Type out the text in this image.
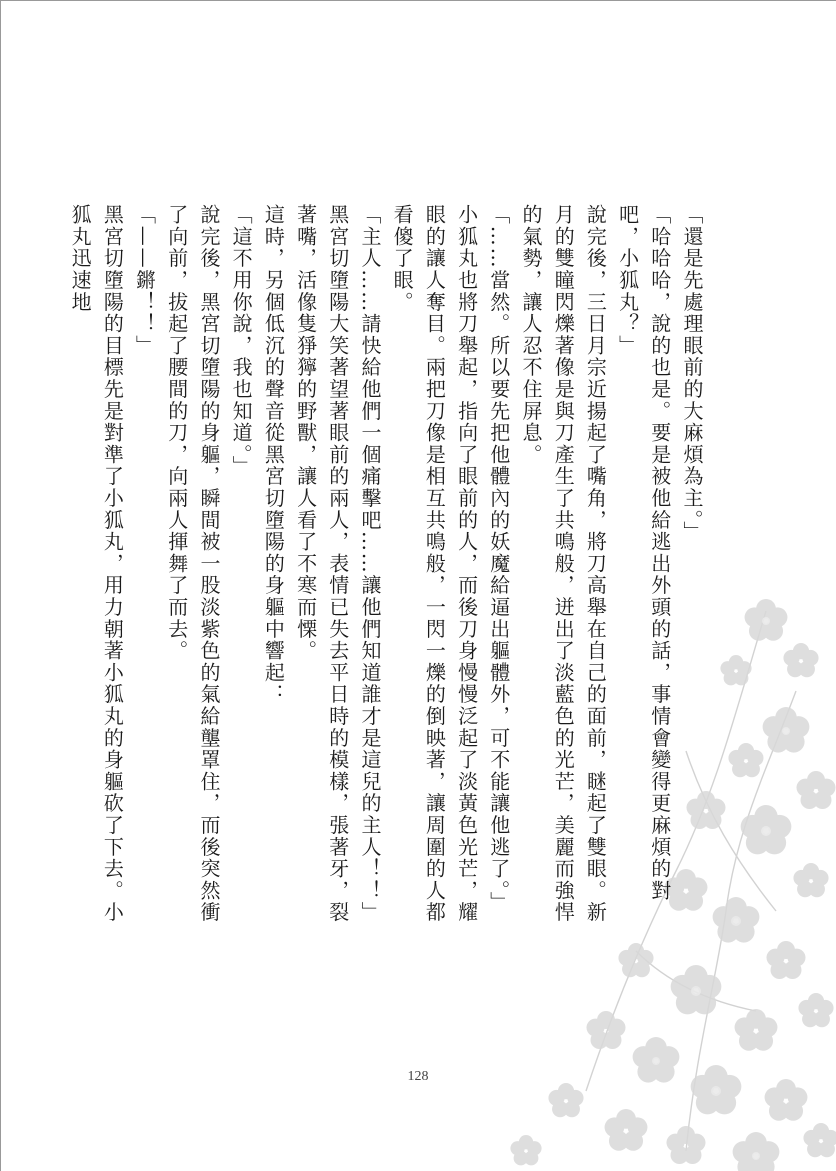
「還是先處理眼前的大麻煩為主。」

「哈哈哈，說的也是。要是被他給逃出外頭的話，事情會變得更麻煩的對吧，小狐丸？」

說完後，三日月宗近揚起了嘴角，將刀高舉在自己的面前，瞇起了雙眼。新月的雙瞳閃爍著像是與刀產生了共鳴般，迸出了淡藍色的光芒，美麗而強悍的氣勢，讓人忍不住屏息。

「……當然。所以要先把他體內的妖魔給逼出軀體外，可不能讓他逃了。」

小狐丸也將刀舉起，指向了眼前的人，而後刀身慢慢泛起了淡黃色光芒，耀眼的讓人奪目。兩把刀像是相互共鳴般，一閃一爍的倒映著，讓周圍的人都看傻了眼。

「主人……請快給他們一個痛擊吧……讓他們知道誰才是這兒的主人！！」

黑宮切墮陽大笑著望著眼前的兩人，表情已失去平日時的模樣，張著牙，裂著嘴，活像隻猙獰的野獸，讓人看了不寒而慄。

這時，另個低沉的聲音從黑宮切墮陽的身軀中響起：

「這不用你說，我也知道。」

說完後，黑宮切墮陽的身軀，瞬間被一股淡紫色的氣給壟罩住，而後突然衝了向前，拔起了腰間的刀，向兩人揮舞了而去。

「——鏘！！」

黑宮切墮陽的目標先是對準了小狐丸，用力朝著小狐丸的身軀砍了下去。小狐丸迅速地

128
